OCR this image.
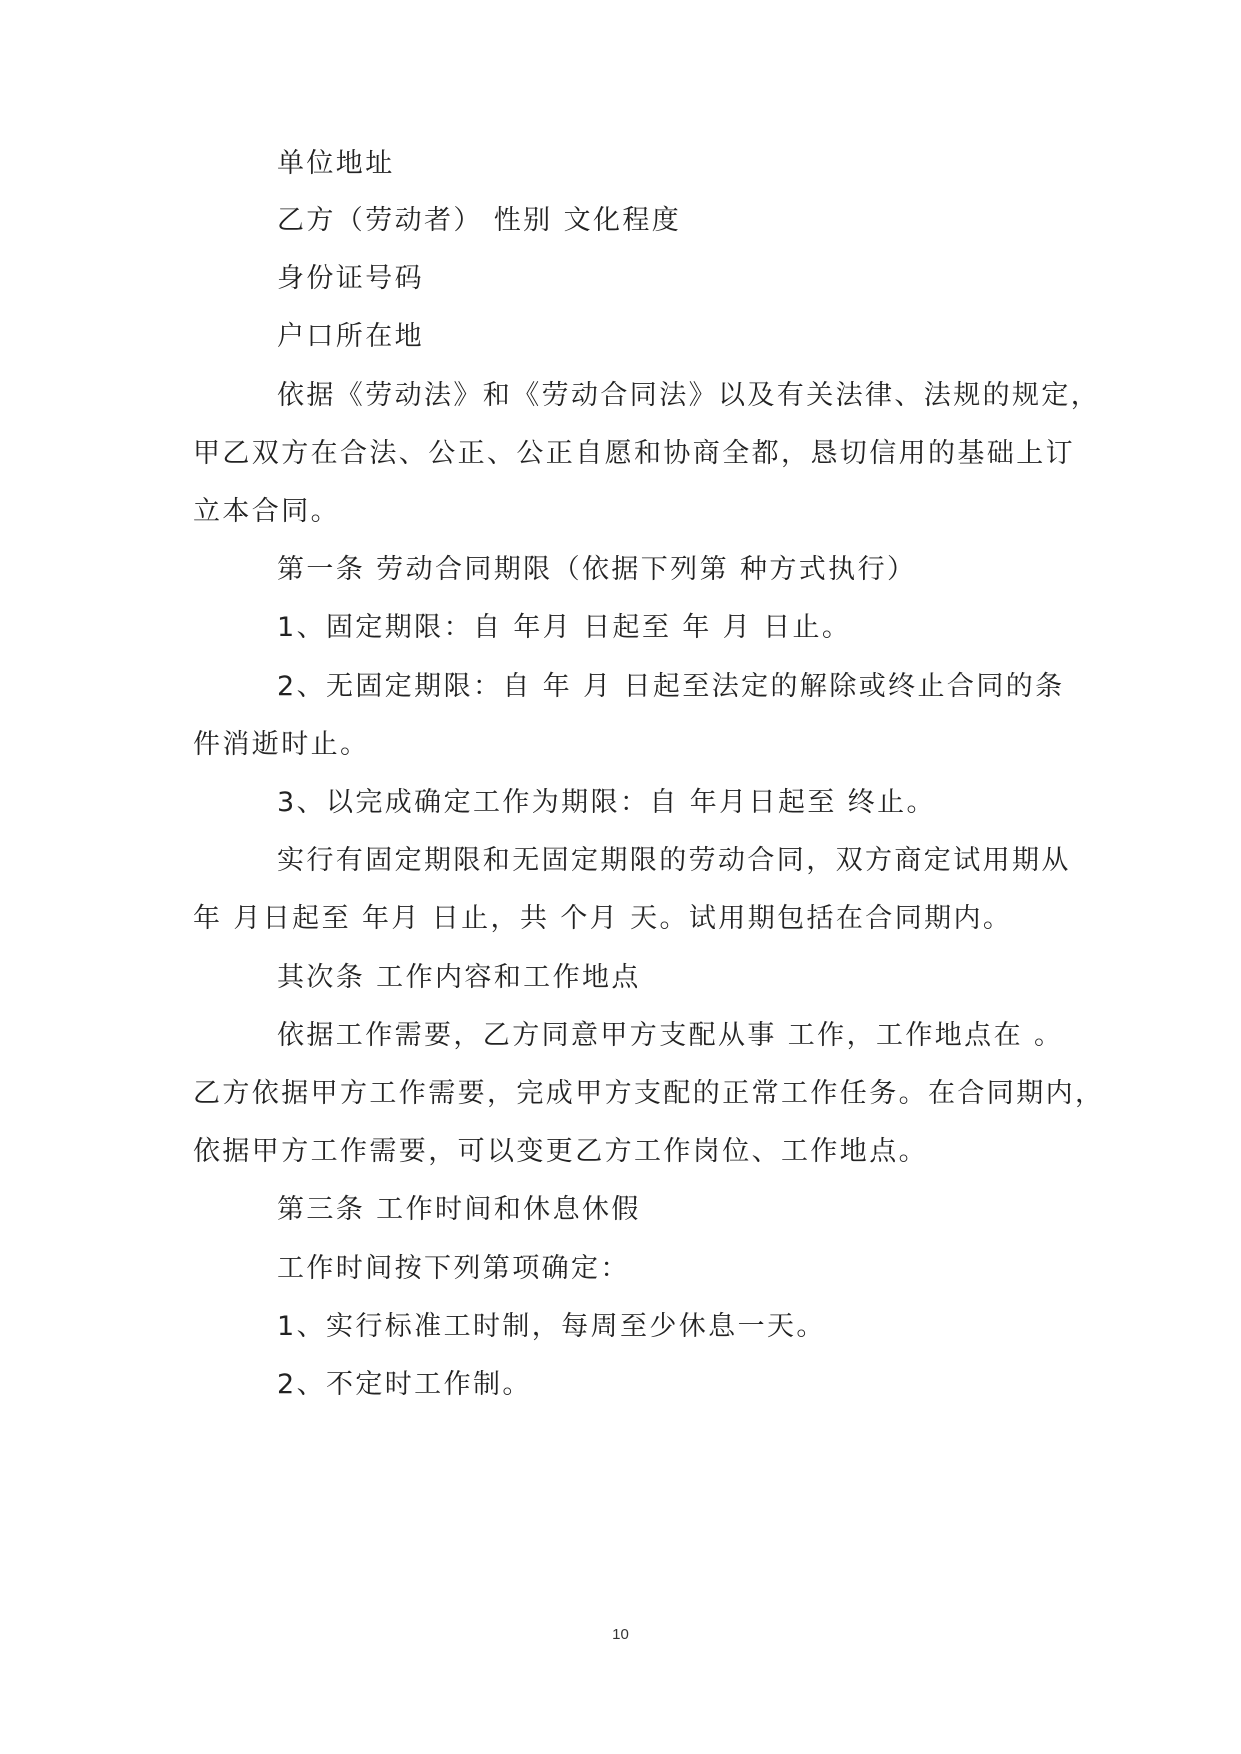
单位地址
乙方（劳动者） 性别 文化程度
身份证号码
户口所在地
依据《劳动法》和《劳动合同法》以及有关法律、法规的规定，
甲乙双方在合法、公正、公正自愿和协商全都，恳切信用的基础上订
立本合同。
第一条 劳动合同期限（依据下列第 种方式执行）
1、固定期限：自 年月 日起至 年 月 日止。
2、无固定期限：自 年 月 日起至法定的解除或终止合同的条
件消逝时止。
3、以完成确定工作为期限：自 年月日起至 终止。
实行有固定期限和无固定期限的劳动合同，双方商定试用期从
年 月日起至 年月 日止，共 个月 天。试用期包括在合同期内。
其次条 工作内容和工作地点
依据工作需要，乙方同意甲方支配从事 工作，工作地点在 。
乙方依据甲方工作需要，完成甲方支配的正常工作任务。在合同期内，
依据甲方工作需要，可以变更乙方工作岗位、工作地点。
第三条 工作时间和休息休假
工作时间按下列第项确定：
1、实行标准工时制，每周至少休息一天。
2、不定时工作制。
10
